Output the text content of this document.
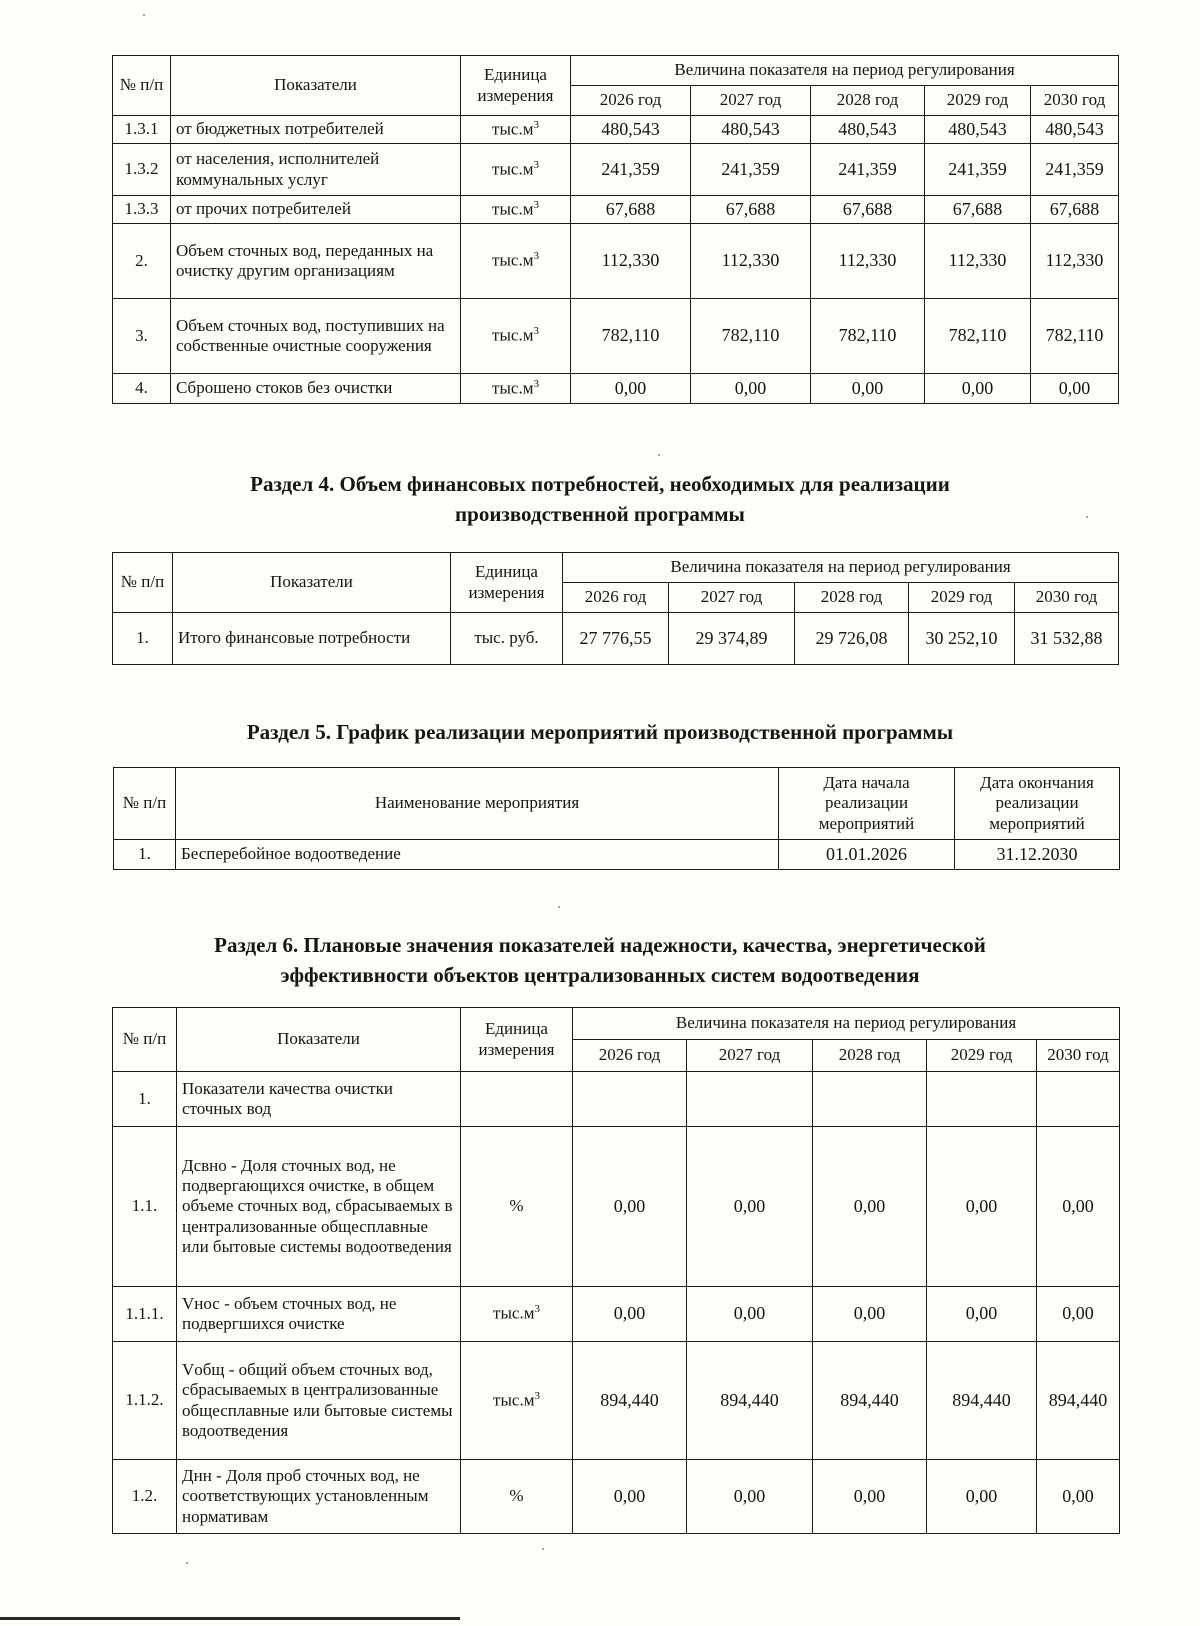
№ п/п	Показатели	Единица измерения	Величина показателя на период регулирования				
			2026 год	2027 год	2028 год	2029 год	2030 год
1.3.1	от бюджетных потребителей	$тыс.м^3$	480,543	480,543	480,543	480,543	480,543
1.3.2	от населения, исполнителей коммунальных услуг	$тыс.м^3$	241,359	241,359	241,359	241,359	241,359
1.3.3	от прочих потребителей	$тыс.м^3$	67,688	67,688	67,688	67,688	67,688
2.	Объем сточных вод, переданных на очистку другим организациям	$тыс.м^3$	112,330	112,330	112,330	112,330	112,330
3.	Объем сточных вод, поступивших на собственные очистные сооружения	$тыс.м^3$	782,110	782,110	782,110	782,110	782,110
4.	Сброшено стоков без очистки	$тыс.м^3$	0,00	0,00	0,00	0,00	0,00
Раздел 4. Объем финансовых потребностей, необходимых для реализации
производственной программы
№ п/п	Показатели	Единица измерения	Величина показателя на период регулирования				
			2026 год	2027 год	2028 год	2029 год	2030 год
1.	Итого финансовые потребности	тыс. руб.	27 776,55	29 374,89	29 726,08	30 252,10	31 532,88
Раздел 5. График реализации мероприятий производственной программы
№ п/п	Наименование мероприятия	Дата начала реализации мероприятий	Дата окончания реализации мероприятий
1.	Бесперебойное водоотведение	01.01.2026	31.12.2030
Раздел 6. Плановые значения показателей надежности, качества, энергетической
эффективности объектов централизованных систем водоотведения
№ п/п	Показатели	Единица измерения	Величина показателя на период регулирования				
			2026 год	2027 год	2028 год	2029 год	2030 год
1.	Показатели качества очистки сточных вод						
1.1.	Дсвно - Доля сточных вод, не подвергающихся очистке, в общем объеме сточных вод, сбрасываемых в централизованные общесплавные или бытовые системы водоотведения	%	0,00	0,00	0,00	0,00	0,00
1.1.1.	Vнос - объем сточных вод, не подвергшихся очистке	$тыс.м^3$	0,00	0,00	0,00	0,00	0,00
1.1.2.	Vобщ - общий объем сточных вод, сбрасываемых в централизованные общесплавные или бытовые системы водоотведения	$тыс.м^3$	894,440	894,440	894,440	894,440	894,440
1.2.	Днн - Доля проб сточных вод, не соответствующих установленным нормативам	%	0,00	0,00	0,00	0,00	0,00
